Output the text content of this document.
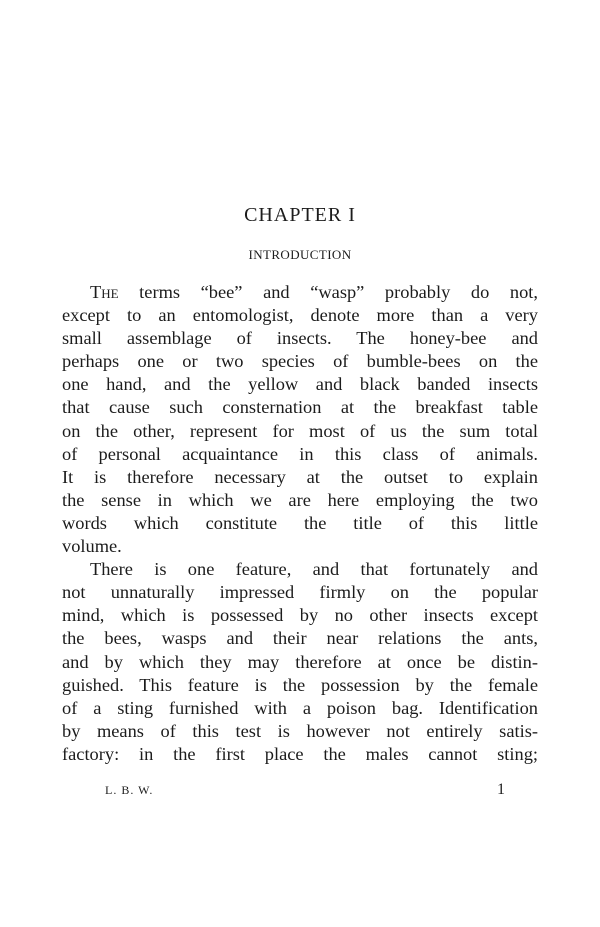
CHAPTER I
INTRODUCTION
The terms “bee” and “wasp” probably do not,
except to an entomologist, denote more than a very
small assemblage of insects. The honey-bee and
perhaps one or two species of bumble-bees on the
one hand, and the yellow and black banded insects
that cause such consternation at the breakfast table
on the other, represent for most of us the sum total
of personal acquaintance in this class of animals.
It is therefore necessary at the outset to explain
the sense in which we are here employing the two
words which constitute the title of this little
volume.
There is one feature, and that fortunately and
not unnaturally impressed firmly on the popular
mind, which is possessed by no other insects except
the bees, wasps and their near relations the ants,
and by which they may therefore at once be distin-
guished. This feature is the possession by the female
of a sting furnished with a poison bag. Identification
by means of this test is however not entirely satis-
factory: in the first place the males cannot sting;
L. B. W.	1
